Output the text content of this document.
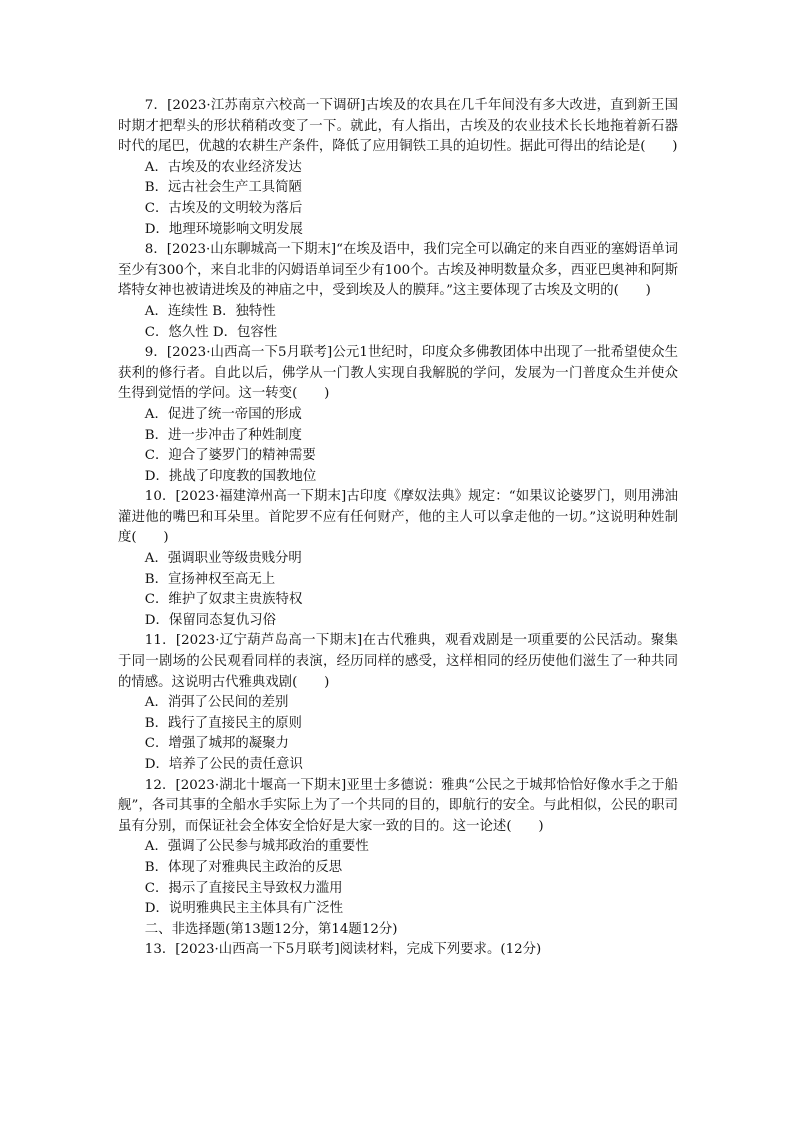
7．[2023·江苏南京六校高一下调研]古埃及的农具在几千年间没有多大改进，直到新王国时期才把犁头的形状稍稍改变了一下。就此，有人指出，古埃及的农业技术长长地拖着新石器时代的尾巴，优越的农耕生产条件，降低了应用铜铁工具的迫切性。据此可得出的结论是(　　)

A．古埃及的农业经济发达

B．远古社会生产工具简陋

C．古埃及的文明较为落后

D．地理环境影响文明发展

8．[2023·山东聊城高一下期末]“在埃及语中，我们完全可以确定的来自西亚的塞姆语单词至少有300个，来自北非的闪姆语单词至少有100个。古埃及神明数量众多，西亚巴奥神和阿斯塔特女神也被请进埃及的神庙之中，受到埃及人的膜拜。”这主要体现了古埃及文明的(　　)

A．连续性 B．独特性

C．悠久性 D．包容性

9．[2023·山西高一下5月联考]公元1世纪时，印度众多佛教团体中出现了一批希望使众生获利的修行者。自此以后，佛学从一门教人实现自我解脱的学问，发展为一门普度众生并使众生得到觉悟的学问。这一转变(　　)

A．促进了统一帝国的形成

B．进一步冲击了种姓制度

C．迎合了婆罗门的精神需要

D．挑战了印度教的国教地位

10．[2023·福建漳州高一下期末]古印度《摩奴法典》规定：“如果议论婆罗门，则用沸油灌进他的嘴巴和耳朵里。首陀罗不应有任何财产，他的主人可以拿走他的一切。”这说明种姓制度(　　)

A．强调职业等级贵贱分明

B．宣扬神权至高无上

C．维护了奴隶主贵族特权

D．保留同态复仇习俗

11．[2023·辽宁葫芦岛高一下期末]在古代雅典，观看戏剧是一项重要的公民活动。聚集于同一剧场的公民观看同样的表演，经历同样的感受，这样相同的经历使他们滋生了一种共同的情感。这说明古代雅典戏剧(　　)

A．消弭了公民间的差别

B．践行了直接民主的原则

C．增强了城邦的凝聚力

D．培养了公民的责任意识

12．[2023·湖北十堰高一下期末]亚里士多德说：雅典“公民之于城邦恰恰好像水手之于船舰”，各司其事的全船水手实际上为了一个共同的目的，即航行的安全。与此相似，公民的职司虽有分别，而保证社会全体安全恰好是大家一致的目的。这一论述(　　)

A．强调了公民参与城邦政治的重要性

B．体现了对雅典民主政治的反思

C．揭示了直接民主导致权力滥用

D．说明雅典民主主体具有广泛性

二、非选择题(第13题12分，第14题12分)

13．[2023·山西高一下5月联考]阅读材料，完成下列要求。(12分)
